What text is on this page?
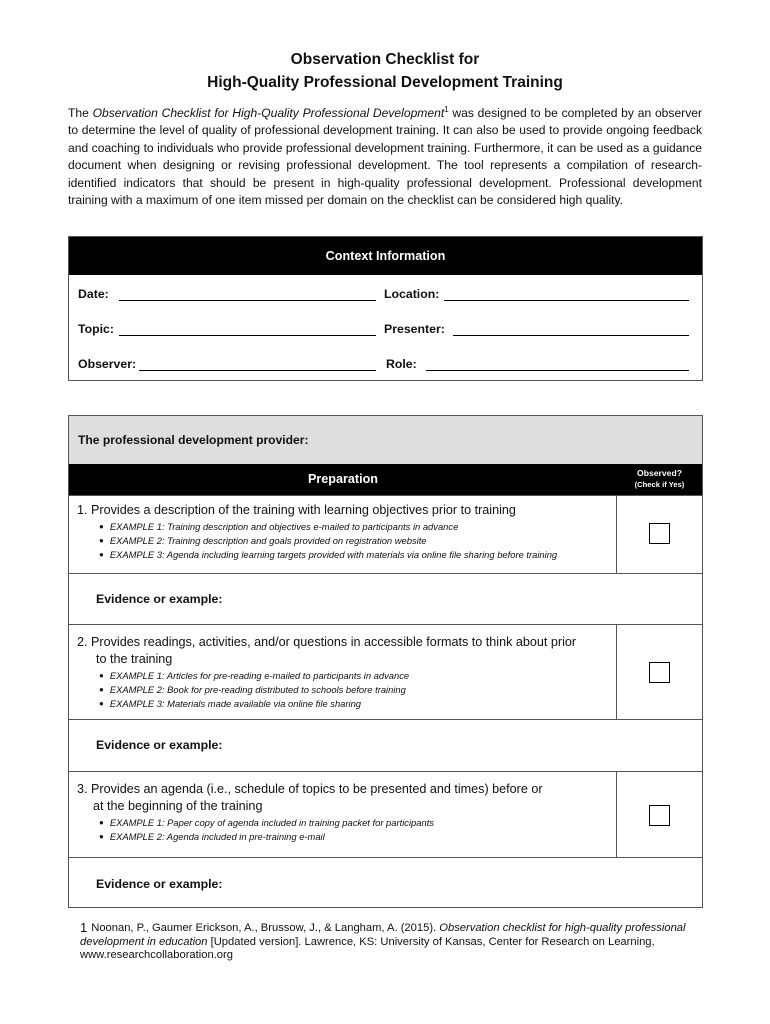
Observation Checklist for
High-Quality Professional Development Training

The Observation Checklist for High-Quality Professional Development$^1$ was designed to be completed by an observer to determine the level of quality of professional development training. It can also be used to provide ongoing feedback and coaching to individuals who provide professional development training. Furthermore, it can be used as a guidance document when designing or revising professional development. The tool represents a compilation of research-identified indicators that should be present in high-quality professional development. Professional development training with a maximum of one item missed per domain on the checklist can be considered high quality.

Context Information
Date:	Location:
Topic:	Presenter:
Observer:	Role:
The professional development provider:
Preparation	Observed?
(Check if Yes)
1. Provides a description of the training with learning objectives prior to training
● EXAMPLE 1: Training description and objectives e-mailed to participants in advance
● EXAMPLE 2: Training description and goals provided on registration website
● EXAMPLE 3: Agenda including learning targets provided with materials via online file sharing before training
Evidence or example:
2. Provides readings, activities, and/or questions in accessible formats to think about prior
to the training
● EXAMPLE 1: Articles for pre-reading e-mailed to participants in advance
● EXAMPLE 2: Book for pre-reading distributed to schools before training
● EXAMPLE 3: Materials made available via online file sharing
Evidence or example:
3. Provides an agenda (i.e., schedule of topics to be presented and times) before or
at the beginning of the training
● EXAMPLE 1: Paper copy of agenda included in training packet for participants
● EXAMPLE 2: Agenda included in pre-training e-mail
Evidence or example:

1 Noonan, P., Gaumer Erickson, A., Brussow, J., & Langham, A. (2015). Observation checklist for high-quality professional development in education [Updated version]. Lawrence, KS: University of Kansas, Center for Research on Learning, www.researchcollaboration.org
